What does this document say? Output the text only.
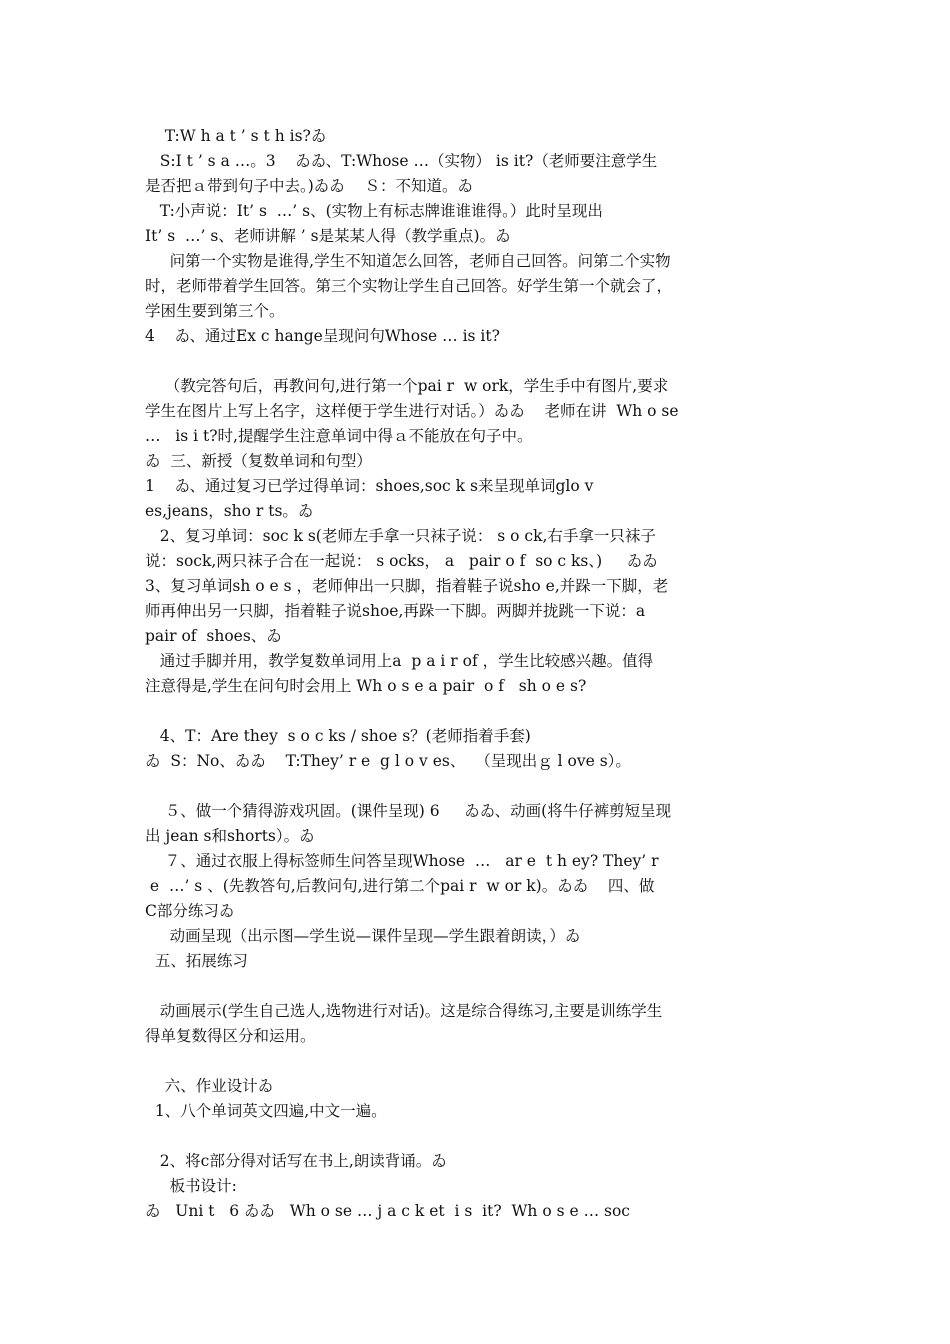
T:W h a t ’ s t h is?ゐ
S:I t ’ s a …。3    ゐゐ、T:Whose …（实物） is it?（老师要注意学生
是否把ａ带到句子中去。)ゐゐ    Ｓ：不知道。ゐ
T:小声说：It’ s  …’ s、(实物上有标志牌谁谁谁得。）此时呈现出
It’ s  …’ s、老师讲解 ’ s是某某人得（教学重点)。ゐ
问第一个实物是谁得,学生不知道怎么回答，老师自己回答。问第二个实物
时，老师带着学生回答。第三个实物让学生自己回答。好学生第一个就会了，
学困生要到第三个。
4    ゐ、通过Ex c hange呈现问句Whose … is it?
（教完答句后，再教问句,进行第一个pai r  w ork，学生手中有图片,要求
学生在图片上写上名字，这样便于学生进行对话。）ゐゐ    老师在讲  Wh o se
…   is i t?时,提醒学生注意单词中得ａ不能放在句子中。
ゐ  三、新授（复数单词和句型）
1    ゐ、通过复习已学过得单词：shoes,soc k s来呈现单词glo v
es,jeans，sho r ts。ゐ
2、复习单词：soc k s(老师左手拿一只袜子说： s o ck,右手拿一只袜子
说：sock,两只袜子合在一起说： s ocks， a   pair o f  so c ks、)     ゐゐ
3、复习单词sh o e s ，老师伸出一只脚，指着鞋子说sho e,并跺一下脚，老
师再伸出另一只脚，指着鞋子说shoe,再跺一下脚。两脚并拢跳一下说：a
pair of  shoes、ゐ
通过手脚并用，教学复数单词用上a  p a i r of ，学生比较感兴趣。值得
注意得是,学生在问句时会用上 Wh o s e a pair  o f   sh o e s?
4、T：Are they  s o c ks / shoe s？(老师指着手套)
ゐ  S：No、ゐゐ    T:They’ r e  g l o v es、  （呈现出ｇ l ove s）。
５、做一个猜得游戏巩固。(课件呈现) 6     ゐゐ、动画(将牛仔裤剪短呈现
出 jean s和shorts）。ゐ
７、通过衣服上得标签师生问答呈现Whose  …   ar e  t h ey? They’ r
e  …’ s 、(先教答句,后教问句,进行第二个pai r  w or k)。ゐゐ    四、做
C部分练习ゐ
动画呈现（出示图—学生说—课件呈现—学生跟着朗读，）ゐ
五、拓展练习
动画展示(学生自己选人,选物进行对话)。这是综合得练习,主要是训练学生
得单复数得区分和运用。
六、作业设计ゐ
1、八个单词英文四遍,中文一遍。
2、将c部分得对话写在书上,朗读背诵。ゐ
板书设计:
ゐ   Uni t   6 ゐゐ   Wh o se … j a c k et  i s  it?  Wh o s e … soc
